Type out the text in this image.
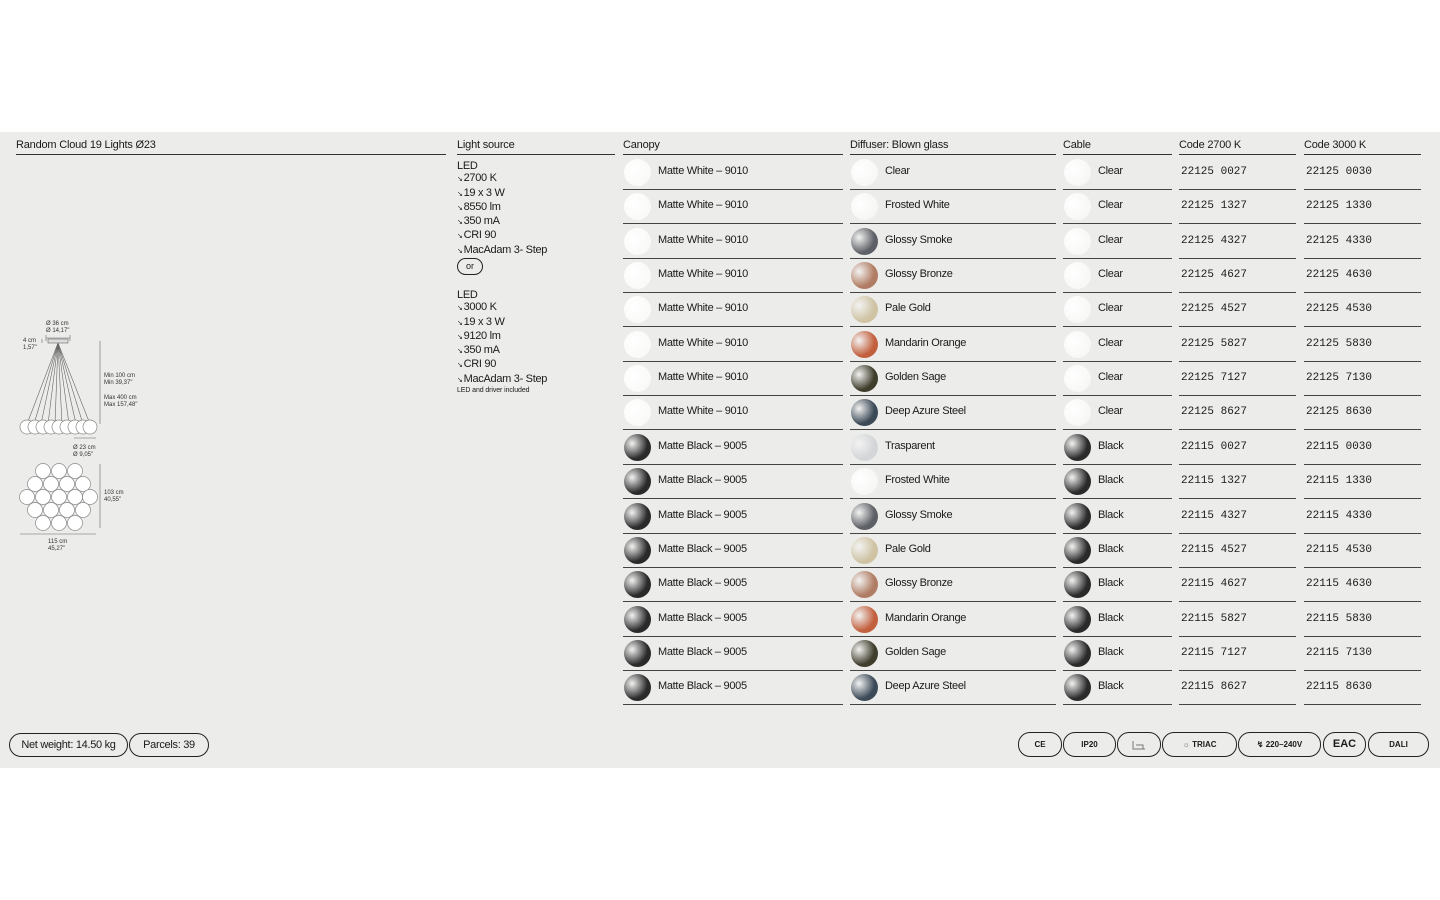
Random Cloud 19 Lights Ø23	Light source	Canopy	Diffuser: Blown glass	Cable	Code 2700 K	Code 3000 K
LED
↘ 2700 K
↘ 19 x 3 W
↘ 8550 lm
↘ 350 mA
↘ CRI 90
↘ MacAdam 3- Step
or
LED
↘ 3000 K
↘ 19 x 3 W
↘ 9120 lm
↘ 350 mA
↘ CRI 90
↘ MacAdam 3- Step
LED and driver included
Ø 36 cm
Ø 14,17"
4 cm
1,57"
Min 100 cm
Min 39,37"
Max 400 cm
Max 157,48"
Ø 23 cm
Ø 9,05"
103 cm
40,55"
115 cm
45,27"
Matte White – 9010	Clear	Clear	22125 0027	22125 0030
Matte White – 9010	Frosted White	Clear	22125 1327	22125 1330
Matte White – 9010	Glossy Smoke	Clear	22125 4327	22125 4330
Matte White – 9010	Glossy Bronze	Clear	22125 4627	22125 4630
Matte White – 9010	Pale Gold	Clear	22125 4527	22125 4530
Matte White – 9010	Mandarin Orange	Clear	22125 5827	22125 5830
Matte White – 9010	Golden Sage	Clear	22125 7127	22125 7130
Matte White – 9010	Deep Azure Steel	Clear	22125 8627	22125 8630
Matte Black – 9005	Trasparent	Black	22115 0027	22115 0030
Matte Black – 9005	Frosted White	Black	22115 1327	22115 1330
Matte Black – 9005	Glossy Smoke	Black	22115 4327	22115 4330
Matte Black – 9005	Pale Gold	Black	22115 4527	22115 4530
Matte Black – 9005	Glossy Bronze	Black	22115 4627	22115 4630
Matte Black – 9005	Mandarin Orange	Black	22115 5827	22115 5830
Matte Black – 9005	Golden Sage	Black	22115 7127	22115 7130
Matte Black – 9005	Deep Azure Steel	Black	22115 8627	22115 8630
Net weight: 14.50 kg	Parcels: 39	CE	IP20	☼ TRIAC	↯ 220–240V	EAC	DALI
